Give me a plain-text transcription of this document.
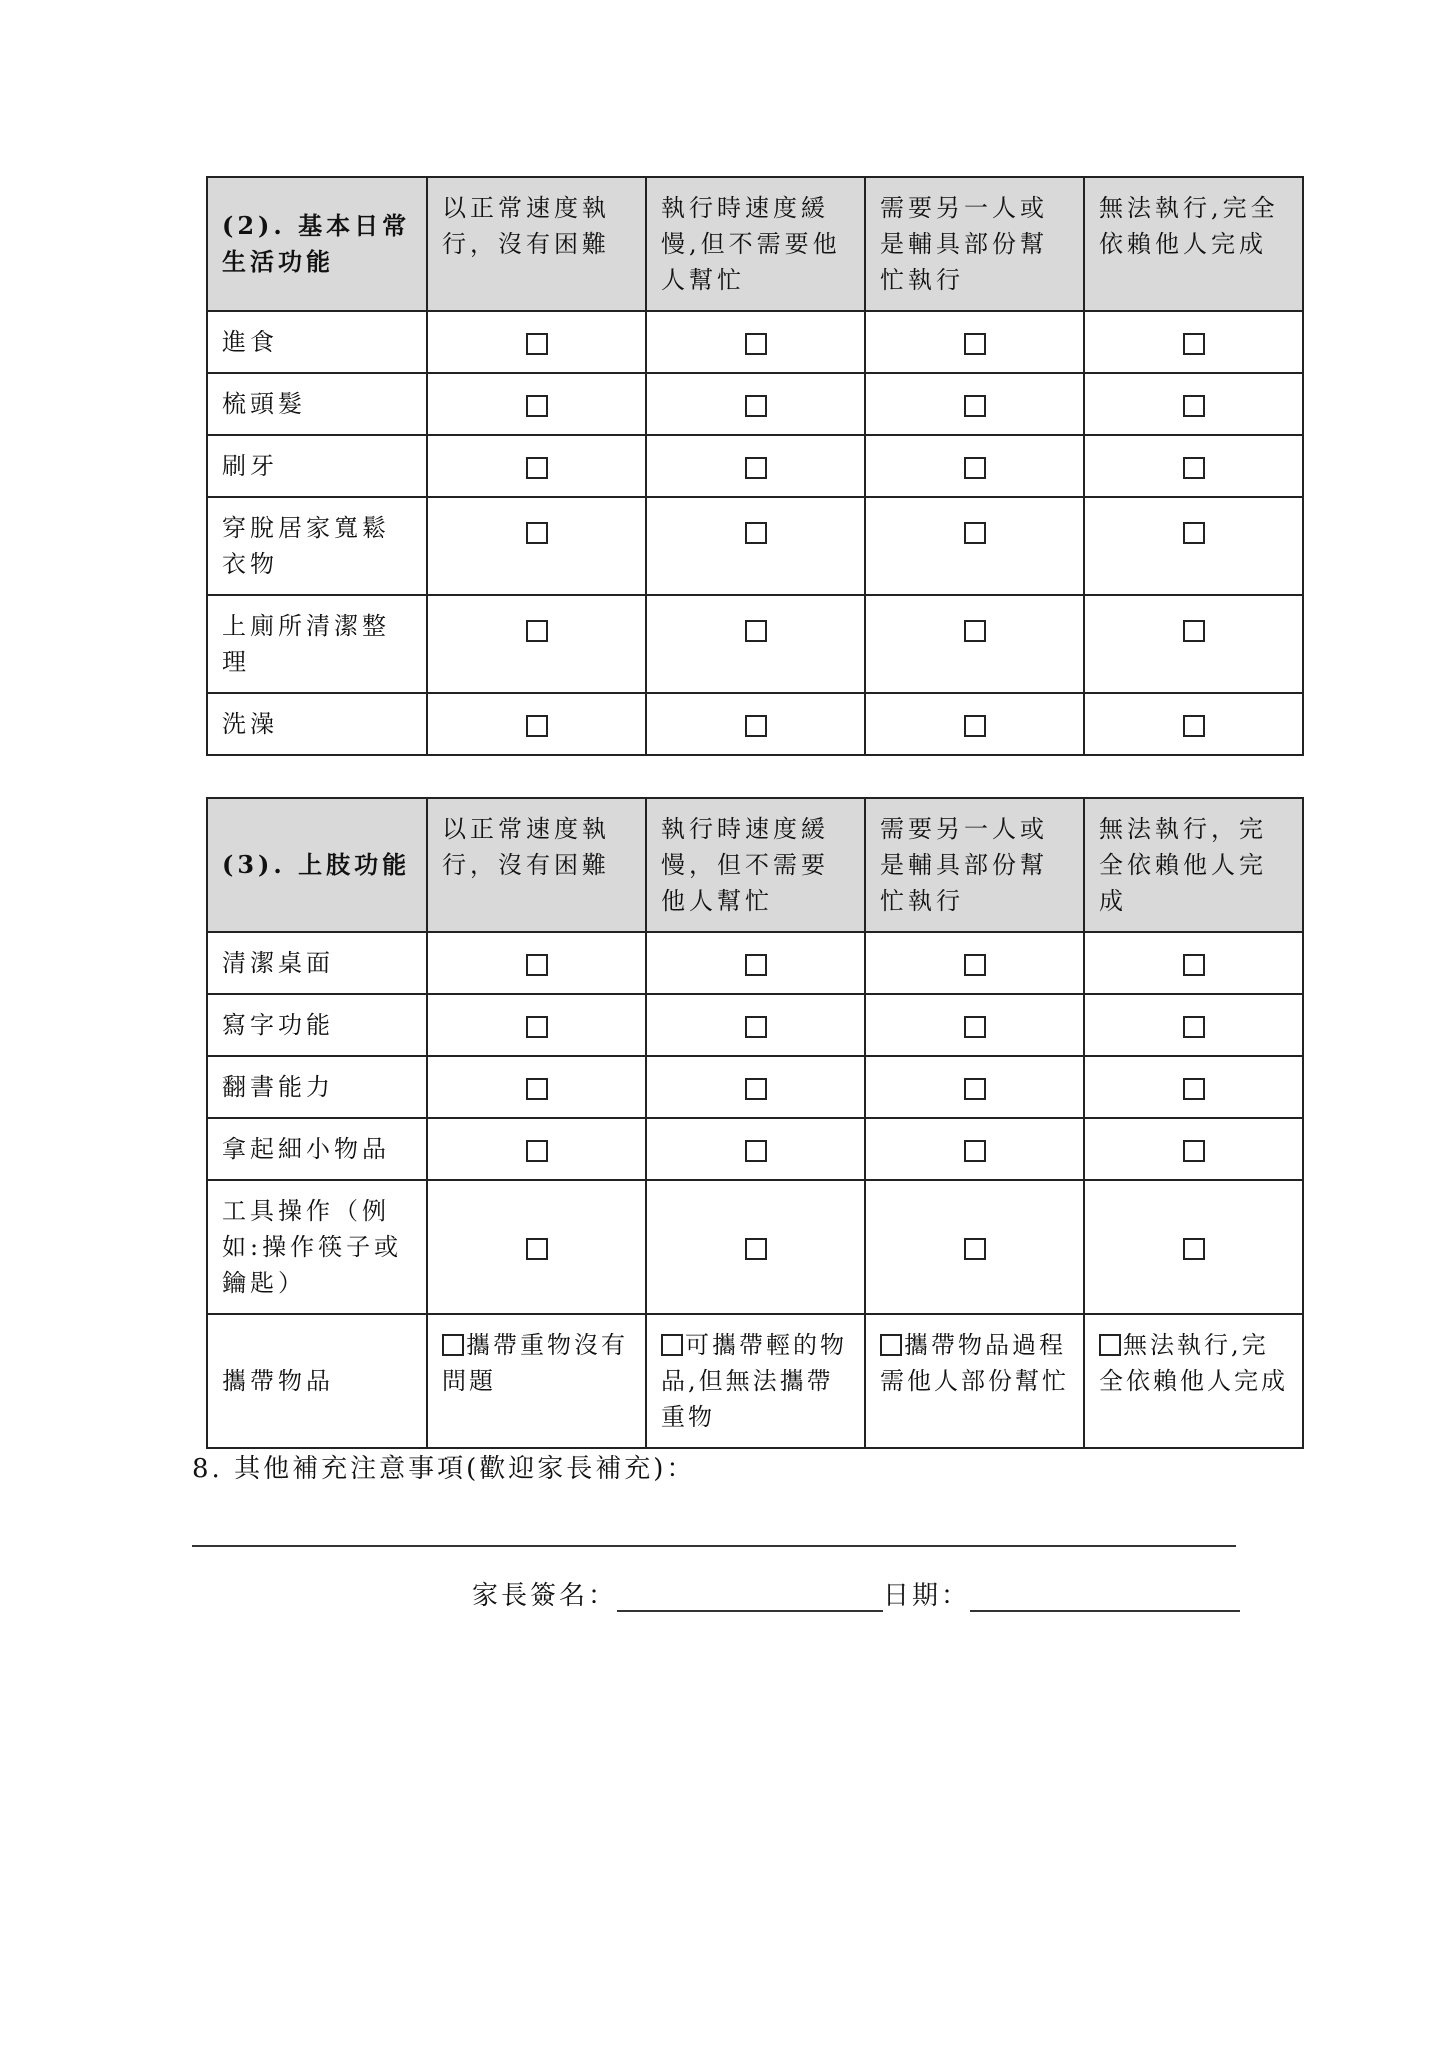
(2). 基本日常生活功能	以正常速度執行，沒有困難	執行時速度緩慢,但不需要他人幫忙	需要另一人或是輔具部份幫忙執行	無法執行,完全依賴他人完成
進食				
梳頭髮				
刷牙				
穿脫居家寬鬆衣物				
上廁所清潔整理				
洗澡				
(3). 上肢功能	以正常速度執行，沒有困難	執行時速度緩慢，但不需要他人幫忙	需要另一人或是輔具部份幫忙執行	無法執行，完全依賴他人完成
清潔桌面				
寫字功能				
翻書能力				
拿起細小物品				
工具操作（例如:操作筷子或鑰匙）				
攜帶物品	攜帶重物沒有問題	可攜帶輕的物品,但無法攜帶重物	攜帶物品過程需他人部份幫忙	無法執行,完全依賴他人完成
8. 其他補充注意事項(歡迎家長補充)：
家長簽名：	日期：
